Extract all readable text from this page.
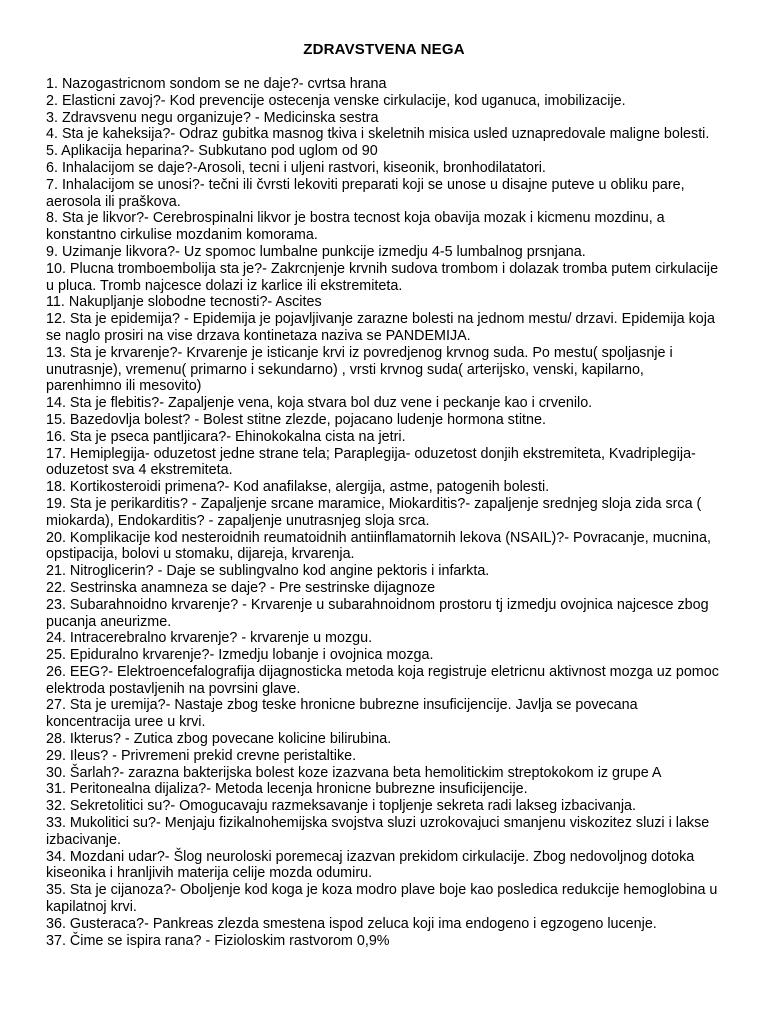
ZDRAVSTVENA NEGA
1. Nazogastricnom sondom se ne daje?- cvrtsa hrana
2. Elasticni zavoj?- Kod prevencije ostecenja venske cirkulacije, kod uganuca, imobilizacije.
3. Zdravsvenu negu organizuje? - Medicinska sestra
4. Sta je kaheksija?- Odraz gubitka masnog tkiva i skeletnih misica usled uznapredovale maligne bolesti.
5. Aplikacija heparina?- Subkutano pod uglom od 90
6. Inhalacijom se daje?-Arosoli, tecni i uljeni rastvori, kiseonik, bronhodilatatori.
7. Inhalacijom se unosi?- tečni ili čvrsti lekoviti preparati koji se unose u disajne puteve u obliku pare, aerosola ili praškova.
8. Sta je likvor?- Cerebrospinalni likvor je bostra tecnost koja obavija mozak i kicmenu mozdinu, a konstantno cirkulise mozdanim komorama.
9. Uzimanje likvora?- Uz spomoc lumbalne punkcije izmedju 4-5 lumbalnog prsnjana.
10. Plucna tromboembolija sta je?- Zakrcnjenje krvnih sudova trombom i dolazak tromba putem cirkulacije u pluca. Tromb najcesce dolazi iz karlice ili ekstremiteta.
11. Nakupljanje slobodne tecnosti?- Ascites
12. Sta je epidemija? - Epidemija je pojavljivanje zarazne bolesti na jednom mestu/ drzavi. Epidemija koja se naglo prosiri na vise drzava kontinetaza naziva se PANDEMIJA.
13. Sta je krvarenje?- Krvarenje je isticanje krvi iz povredjenog krvnog suda. Po mestu( spoljasnje i unutrasnje), vremenu( primarno i sekundarno) , vrsti krvnog suda( arterijsko, venski, kapilarno, parenhimno ili mesovito)
14. Sta je flebitis?- Zapaljenje vena, koja stvara bol duz vene i peckanje kao i crvenilo.
15. Bazedovlja bolest? - Bolest stitne zlezde, pojacano ludenje hormona stitne.
16. Sta je pseca pantljicara?- Ehinokokalna cista na jetri.
17. Hemiplegija- oduzetost jedne strane tela; Paraplegija- oduzetost donjih ekstremiteta, Kvadriplegija- oduzetost sva 4 ekstremiteta.
18. Kortikosteroidi primena?- Kod anafilakse, alergija, astme, patogenih bolesti.
19. Sta je perikarditis? - Zapaljenje srcane maramice, Miokarditis?- zapaljenje srednjeg sloja zida srca ( miokarda), Endokarditis? - zapaljenje unutrasnjeg sloja srca.
20. Komplikacije kod nesteroidnih reumatoidnih antiinflamatornih lekova (NSAIL)?- Povracanje, mucnina, opstipacija, bolovi u stomaku, dijareja, krvarenja.
21. Nitroglicerin? - Daje se sublingvalno kod angine pektoris i infarkta.
22. Sestrinska anamneza se daje? - Pre sestrinske dijagnoze
23. Subarahnoidno krvarenje? - Krvarenje u subarahnoidnom prostoru tj izmedju ovojnica najcesce zbog pucanja aneurizme.
24. Intracerebralno krvarenje? - krvarenje u mozgu.
25. Epiduralno krvarenje?- Izmedju lobanje i ovojnica mozga.
26. EEG?- Elektroencefalografija dijagnosticka metoda koja registruje eletricnu aktivnost mozga uz pomoc elektroda postavljenih na povrsini glave.
27. Sta je uremija?- Nastaje zbog teske hronicne bubrezne insuficijencije. Javlja se povecana koncentracija uree u krvi.
28. Ikterus? - Zutica zbog povecane kolicine bilirubina.
29. Ileus? - Privremeni prekid crevne peristaltike.
30. Šarlah?- zarazna bakterijska bolest koze izazvana beta hemolitickim streptokokom iz grupe A
31. Peritonealna dijaliza?- Metoda lecenja hronicne bubrezne insuficijencije.
32. Sekretolitici su?- Omogucavaju razmeksavanje i topljenje sekreta radi lakseg izbacivanja.
33. Mukolitici su?- Menjaju fizikalnohemijska svojstva sluzi uzrokovajuci smanjenu viskozitez sluzi i lakse izbacivanje.
34. Mozdani udar?- Šlog neuroloski poremecaj izazvan prekidom cirkulacije. Zbog nedovoljnog dotoka kiseonika i hranljivih materija celije mozda odumiru.
35. Sta je cijanoza?- Oboljenje kod koga je koza modro plave boje kao posledica redukcije hemoglobina u kapilatnoj krvi.
36. Gusteraca?- Pankreas zlezda smestena ispod zeluca koji ima endogeno i egzogeno lucenje.
37. Čime se ispira rana? - Fizioloskim rastvorom 0,9%
